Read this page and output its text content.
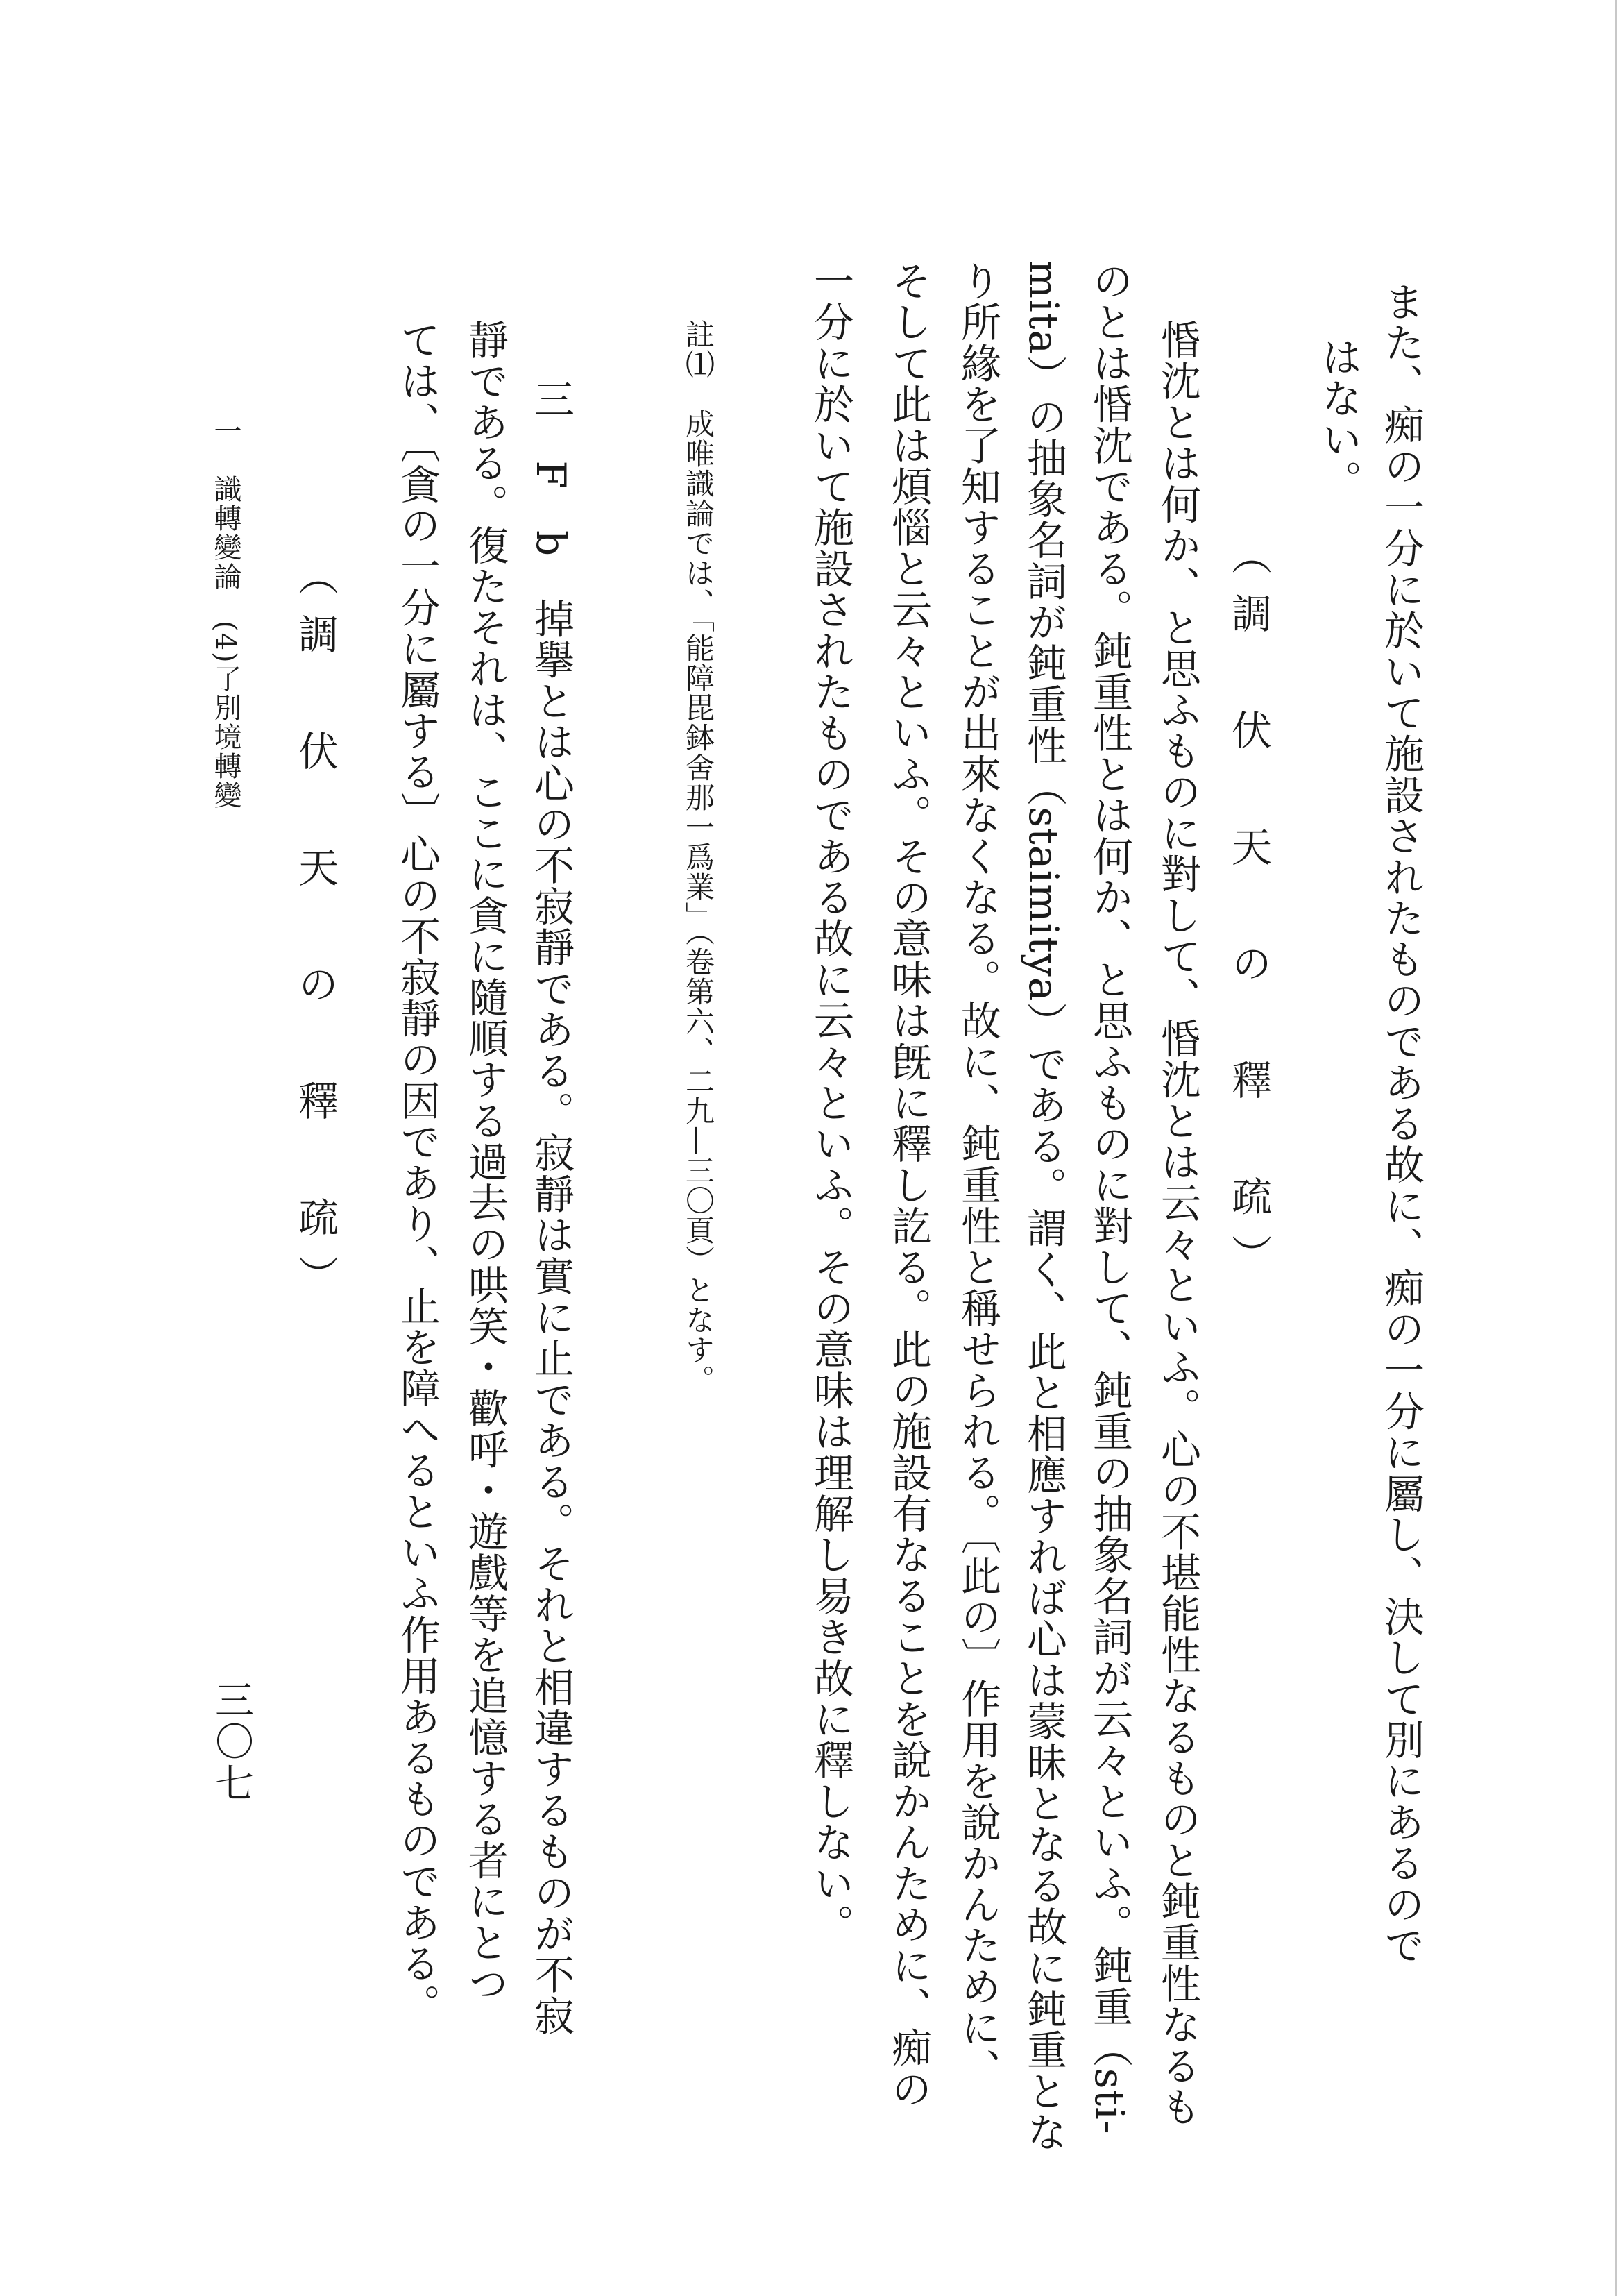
また、痴の一分に於いて施設されたものである故に、痴の一分に屬し、決して別にあるので
はない。
（調　伏　天　の　釋　疏）
惛沈とは何か、と思ふものに對して、惛沈とは云々といふ。心の不堪能性なるものと鈍重性なるも
のとは惛沈である。鈍重性とは何か、と思ふものに對して、鈍重の抽象名詞が云々といふ。鈍重（sti-
mita）の抽象名詞が鈍重性（staimitya）である。謂く、此と相應すれば心は蒙昧となる故に鈍重とな
り所緣を了知することが出來なくなる。故に、鈍重性と稱せられる。〔此の〕作用を說かんために、
そして此は煩惱と云々といふ。その意味は旣に釋し訖る。此の施設有なることを說かんために、痴の
一分に於いて施設されたものである故に云々といふ。その意味は理解し易き故に釋しない。
註⑴　成唯識論では、「能障毘鉢舍那一爲業」（卷第六、二九—三〇頁）となす。
三　F　b　掉擧とは心の不寂靜である。寂靜は實に止である。それと相違するものが不寂
靜である。復たそれは、ここに貪に隨順する過去の哄笑・歡呼・遊戲等を追憶する者にとつ
ては、〔貪の一分に屬する〕心の不寂靜の因であり、止を障へるといふ作用あるものである。
（調　伏　天　の　釋　疏）
一　識轉變論　(4)了別境轉變
三〇七
